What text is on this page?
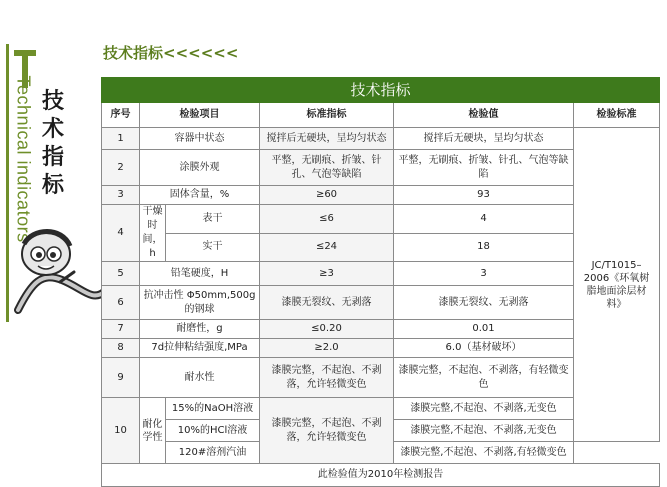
Technical indicators 技
术
指
标
技术指标<<<<<<
技术指标					
序号	检验项目		标准指标	检验值	检验标准
1	容器中状态		搅拌后无硬块，呈均匀状态	搅拌后无硬块，呈均匀状态	JC/T1015–2006《环氧树脂地面涂层材料》
2	涂膜外观		平整，无刷痕、折皱、针孔、气泡等缺陷	平整，无刷痕、折皱、针孔、气泡等缺陷	
3	固体含量，%		≥60	93	
4	干燥时间，h	表干	≤6	4	
		实干	≤24	18	
5	铅笔硬度，H		≥3	3	
6	抗冲击性 Φ50mm,500g的钢球		漆膜无裂纹、无剥落	漆膜无裂纹、无剥落	
7	耐磨性，g		≤0.20	0.01	
8	7d拉伸粘结强度,MPa		≥2.0	6.0（基材破坏）	
9	耐水性		漆膜完整，不起泡、不剥落，允许轻微变色	漆膜完整，不起泡、不剥落，有轻微变色	
10	耐化学性	15%的NaOH溶液	漆膜完整，不起泡、不剥落，允许轻微变色	漆膜完整,不起泡、不剥落,无变色	
		10%的HCl溶液		漆膜完整,不起泡、不剥落,无变色	
		120#溶剂汽油		漆膜完整,不起泡、不剥落,有轻微变色	
此检验值为2010年检测报告					
